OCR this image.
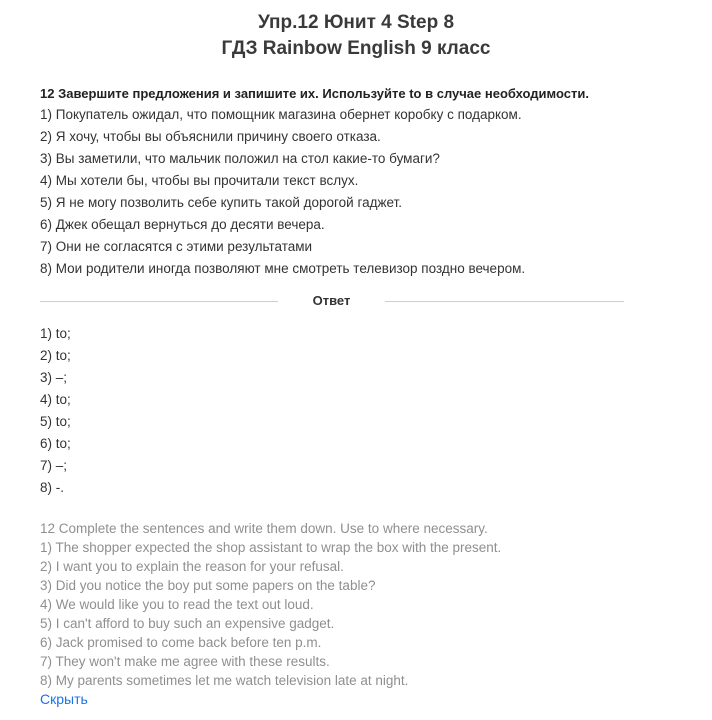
Упр.12 Юнит 4 Step 8
ГДЗ Rainbow English 9 класс
12 Завершите предложения и запишите их. Используйте to в случае необходимости.
1) Покупатель ожидал, что помощник магазина обернет коробку с подарком.
2) Я хочу, чтобы вы объяснили причину своего отказа.
3) Вы заметили, что мальчик положил на стол какие-то бумаги?
4) Мы хотели бы, чтобы вы прочитали текст вслух.
5) Я не могу позволить себе купить такой дорогой гаджет.
6) Джек обещал вернуться до десяти вечера.
7) Они не согласятся с этими результатами
8) Мои родители иногда позволяют мне смотреть телевизор поздно вечером.
Ответ
1) to;
2) to;
3) –;
4) to;
5) to;
6) to;
7) –;
8) -.
12 Complete the sentences and write them down. Use to where necessary.
1) The shopper expected the shop assistant to wrap the box with the present.
2) I want you to explain the reason for your refusal.
3) Did you notice the boy put some papers on the table?
4) We would like you to read the text out loud.
5) I can't afford to buy such an expensive gadget.
6) Jack promised to come back before ten p.m.
7) They won't make me agree with these results.
8) My parents sometimes let me watch television late at night.
Скрыть
